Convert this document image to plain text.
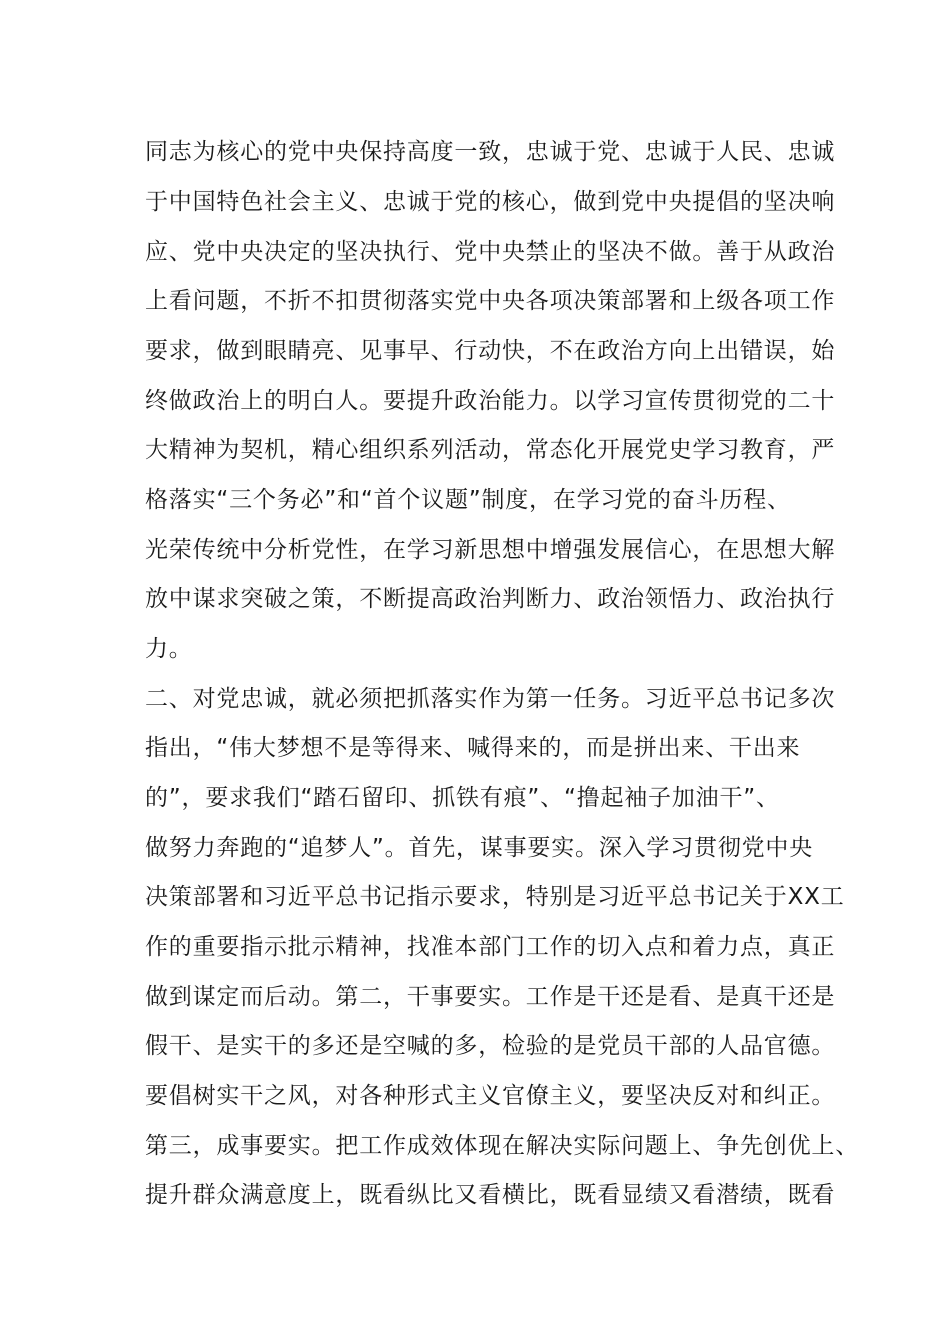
同志为核心的党中央保持高度一致，忠诚于党、忠诚于人民、忠诚
于中国特色社会主义、忠诚于党的核心，做到党中央提倡的坚决响
应、党中央决定的坚决执行、党中央禁止的坚决不做。善于从政治
上看问题，不折不扣贯彻落实党中央各项决策部署和上级各项工作
要求，做到眼睛亮、见事早、行动快，不在政治方向上出错误，始
终做政治上的明白人。要提升政治能力。以学习宣传贯彻党的二十
大精神为契机，精心组织系列活动，常态化开展党史学习教育，严
格落实“三个务必”和“首个议题”制度，在学习党的奋斗历程、
光荣传统中分析党性，在学习新思想中增强发展信心，在思想大解
放中谋求突破之策，不断提高政治判断力、政治领悟力、政治执行
力。
二、对党忠诚，就必须把抓落实作为第一任务。习近平总书记多次
指出，“伟大梦想不是等得来、喊得来的，而是拼出来、干出来
的”，要求我们“踏石留印、抓铁有痕”、“撸起袖子加油干”、
做努力奔跑的“追梦人”。首先，谋事要实。深入学习贯彻党中央
决策部署和习近平总书记指示要求，特别是习近平总书记关于XX工
作的重要指示批示精神，找准本部门工作的切入点和着力点，真正
做到谋定而后动。第二，干事要实。工作是干还是看、是真干还是
假干、是实干的多还是空喊的多，检验的是党员干部的人品官德。
要倡树实干之风，对各种形式主义官僚主义，要坚决反对和纠正。
第三，成事要实。把工作成效体现在解决实际问题上、争先创优上、
提升群众满意度上，既看纵比又看横比，既看显绩又看潜绩，既看
